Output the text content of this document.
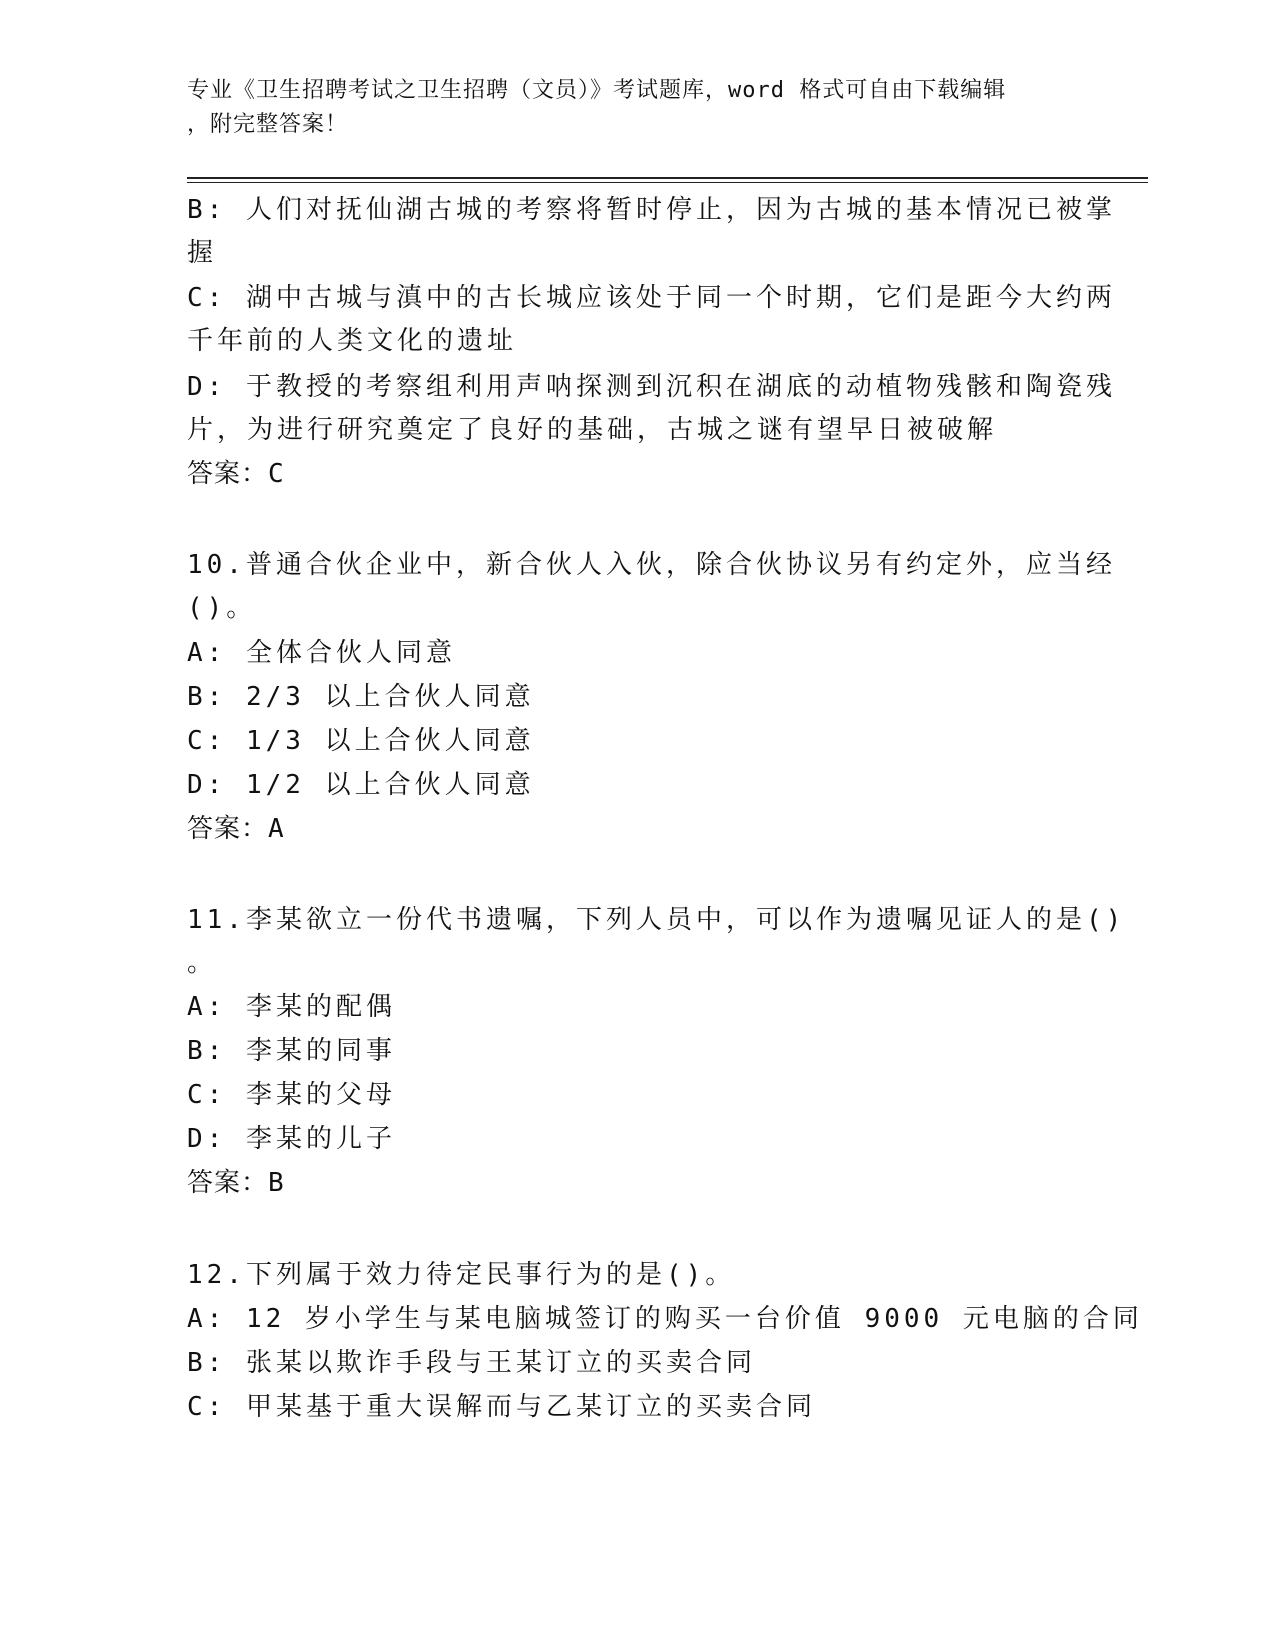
专业《卫生招聘考试之卫生招聘（文员）》考试题库，word 格式可自由下载编辑
，附完整答案！
B: 人们对抚仙湖古城的考察将暂时停止，因为古城的基本情况已被掌
握
C: 湖中古城与滇中的古长城应该处于同一个时期，它们是距今大约两
千年前的人类文化的遗址
D: 于教授的考察组利用声呐探测到沉积在湖底的动植物残骸和陶瓷残
片，为进行研究奠定了良好的基础，古城之谜有望早日被破解
答案：C
10.普通合伙企业中，新合伙人入伙，除合伙协议另有约定外，应当经
()。
A: 全体合伙人同意
B: 2/3 以上合伙人同意
C: 1/3 以上合伙人同意
D: 1/2 以上合伙人同意
答案：A
11.李某欲立一份代书遗嘱，下列人员中，可以作为遗嘱见证人的是()
。
A: 李某的配偶
B: 李某的同事
C: 李某的父母
D: 李某的儿子
答案：B
12.下列属于效力待定民事行为的是()。
A: 12 岁小学生与某电脑城签订的购买一台价值 9000 元电脑的合同
B: 张某以欺诈手段与王某订立的买卖合同
C: 甲某基于重大误解而与乙某订立的买卖合同
